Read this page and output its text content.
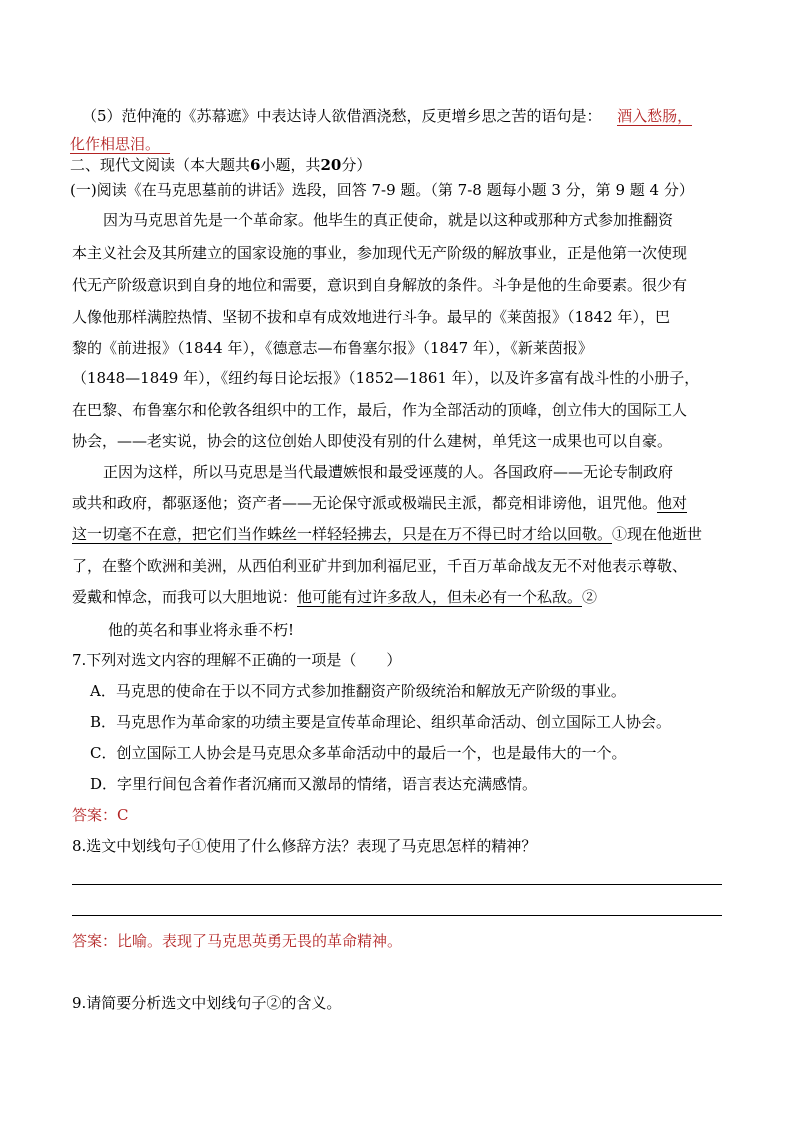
（5）范仲淹的《苏幕遮》中表达诗人欲借酒浇愁，反更增乡思之苦的语句是： 酒入愁肠，
化作相思泪。
二、现代文阅读（本大题共6小题，共20分）
(一)阅读《在马克思墓前的讲话》选段，回答 7-9 题。（第 7-8 题每小题 3 分，第 9 题 4 分）
因为马克思首先是一个革命家。他毕生的真正使命，就是以这种或那种方式参加推翻资
本主义社会及其所建立的国家设施的事业，参加现代无产阶级的解放事业，正是他第一次使现
代无产阶级意识到自身的地位和需要，意识到自身解放的条件。斗争是他的生命要素。很少有
人像他那样满腔热情、坚韧不拔和卓有成效地进行斗争。最早的《莱茵报》（1842 年），巴
黎的《前进报》（1844 年），《德意志—布鲁塞尔报》（1847 年），《新莱茵报》
（1848—1849 年），《纽约每日论坛报》（1852—1861 年），以及许多富有战斗性的小册子，
在巴黎、布鲁塞尔和伦敦各组织中的工作，最后，作为全部活动的顶峰，创立伟大的国际工人
协会，——老实说，协会的这位创始人即使没有别的什么建树，单凭这一成果也可以自豪。
正因为这样，所以马克思是当代最遭嫉恨和最受诬蔑的人。各国政府——无论专制政府
或共和政府，都驱逐他；资产者——无论保守派或极端民主派，都竞相诽谤他，诅咒他。他对
这一切毫不在意，把它们当作蛛丝一样轻轻拂去，只是在万不得已时才给以回敬。①现在他逝世
了，在整个欧洲和美洲，从西伯利亚矿井到加利福尼亚，千百万革命战友无不对他表示尊敬、
爱戴和悼念，而我可以大胆地说：他可能有过许多敌人，但未必有一个私敌。②
他的英名和事业将永垂不朽!
7.下列对选文内容的理解不正确的一项是（　　）
A．马克思的使命在于以不同方式参加推翻资产阶级统治和解放无产阶级的事业。
B．马克思作为革命家的功绩主要是宣传革命理论、组织革命活动、创立国际工人协会。
C．创立国际工人协会是马克思众多革命活动中的最后一个，也是最伟大的一个。
D．字里行间包含着作者沉痛而又激昂的情绪，语言表达充满感情。
答案：C
8.选文中划线句子①使用了什么修辞方法？表现了马克思怎样的精神？
答案：比喻。表现了马克思英勇无畏的革命精神。
9.请简要分析选文中划线句子②的含义。
